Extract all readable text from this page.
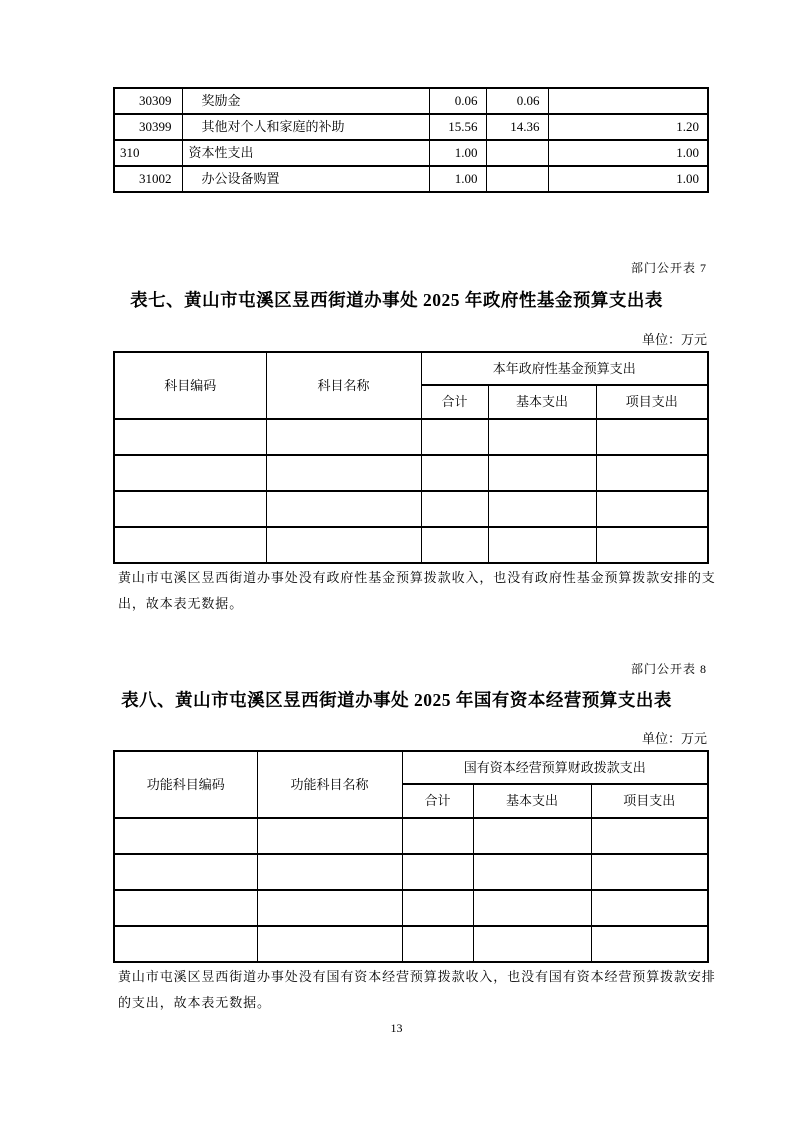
30309	奖励金	0.06	0.06	
30399	其他对个人和家庭的补助	15.56	14.36	1.20
310	资本性支出	1.00		1.00
31002	办公设备购置	1.00		1.00
部门公开表 7
表七、黄山市屯溪区昱西街道办事处 2025 年政府性基金预算支出表
单位：万元
科目编码	科目名称	本年政府性基金预算支出		
		合计	基本支出	项目支出

黄山市屯溪区昱西街道办事处没有政府性基金预算拨款收入，也没有政府性基金预算拨款安排的支
出，故本表无数据。
部门公开表 8
表八、黄山市屯溪区昱西街道办事处 2025 年国有资本经营预算支出表
单位：万元
功能科目编码	功能科目名称	国有资本经营预算财政拨款支出		
		合计	基本支出	项目支出

黄山市屯溪区昱西街道办事处没有国有资本经营预算拨款收入，也没有国有资本经营预算拨款安排
的支出，故本表无数据。
13
